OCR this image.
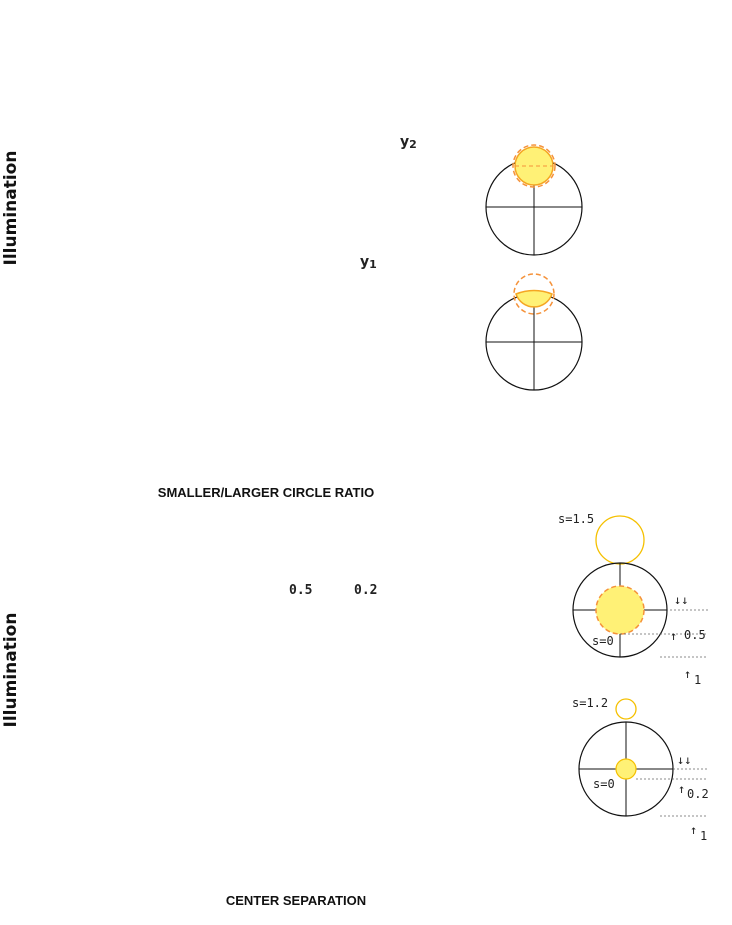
Illumination
SMALLER/LARGER CIRCLE RATIO
y2
y1
Illumination
CENTER SEPARATION
0.5	0.2
s=1.5
s=0
↓↓
↑ 0.5
↑ 1
s=1.2
s=0
↓↓
↑ 0.2
↑ 1
